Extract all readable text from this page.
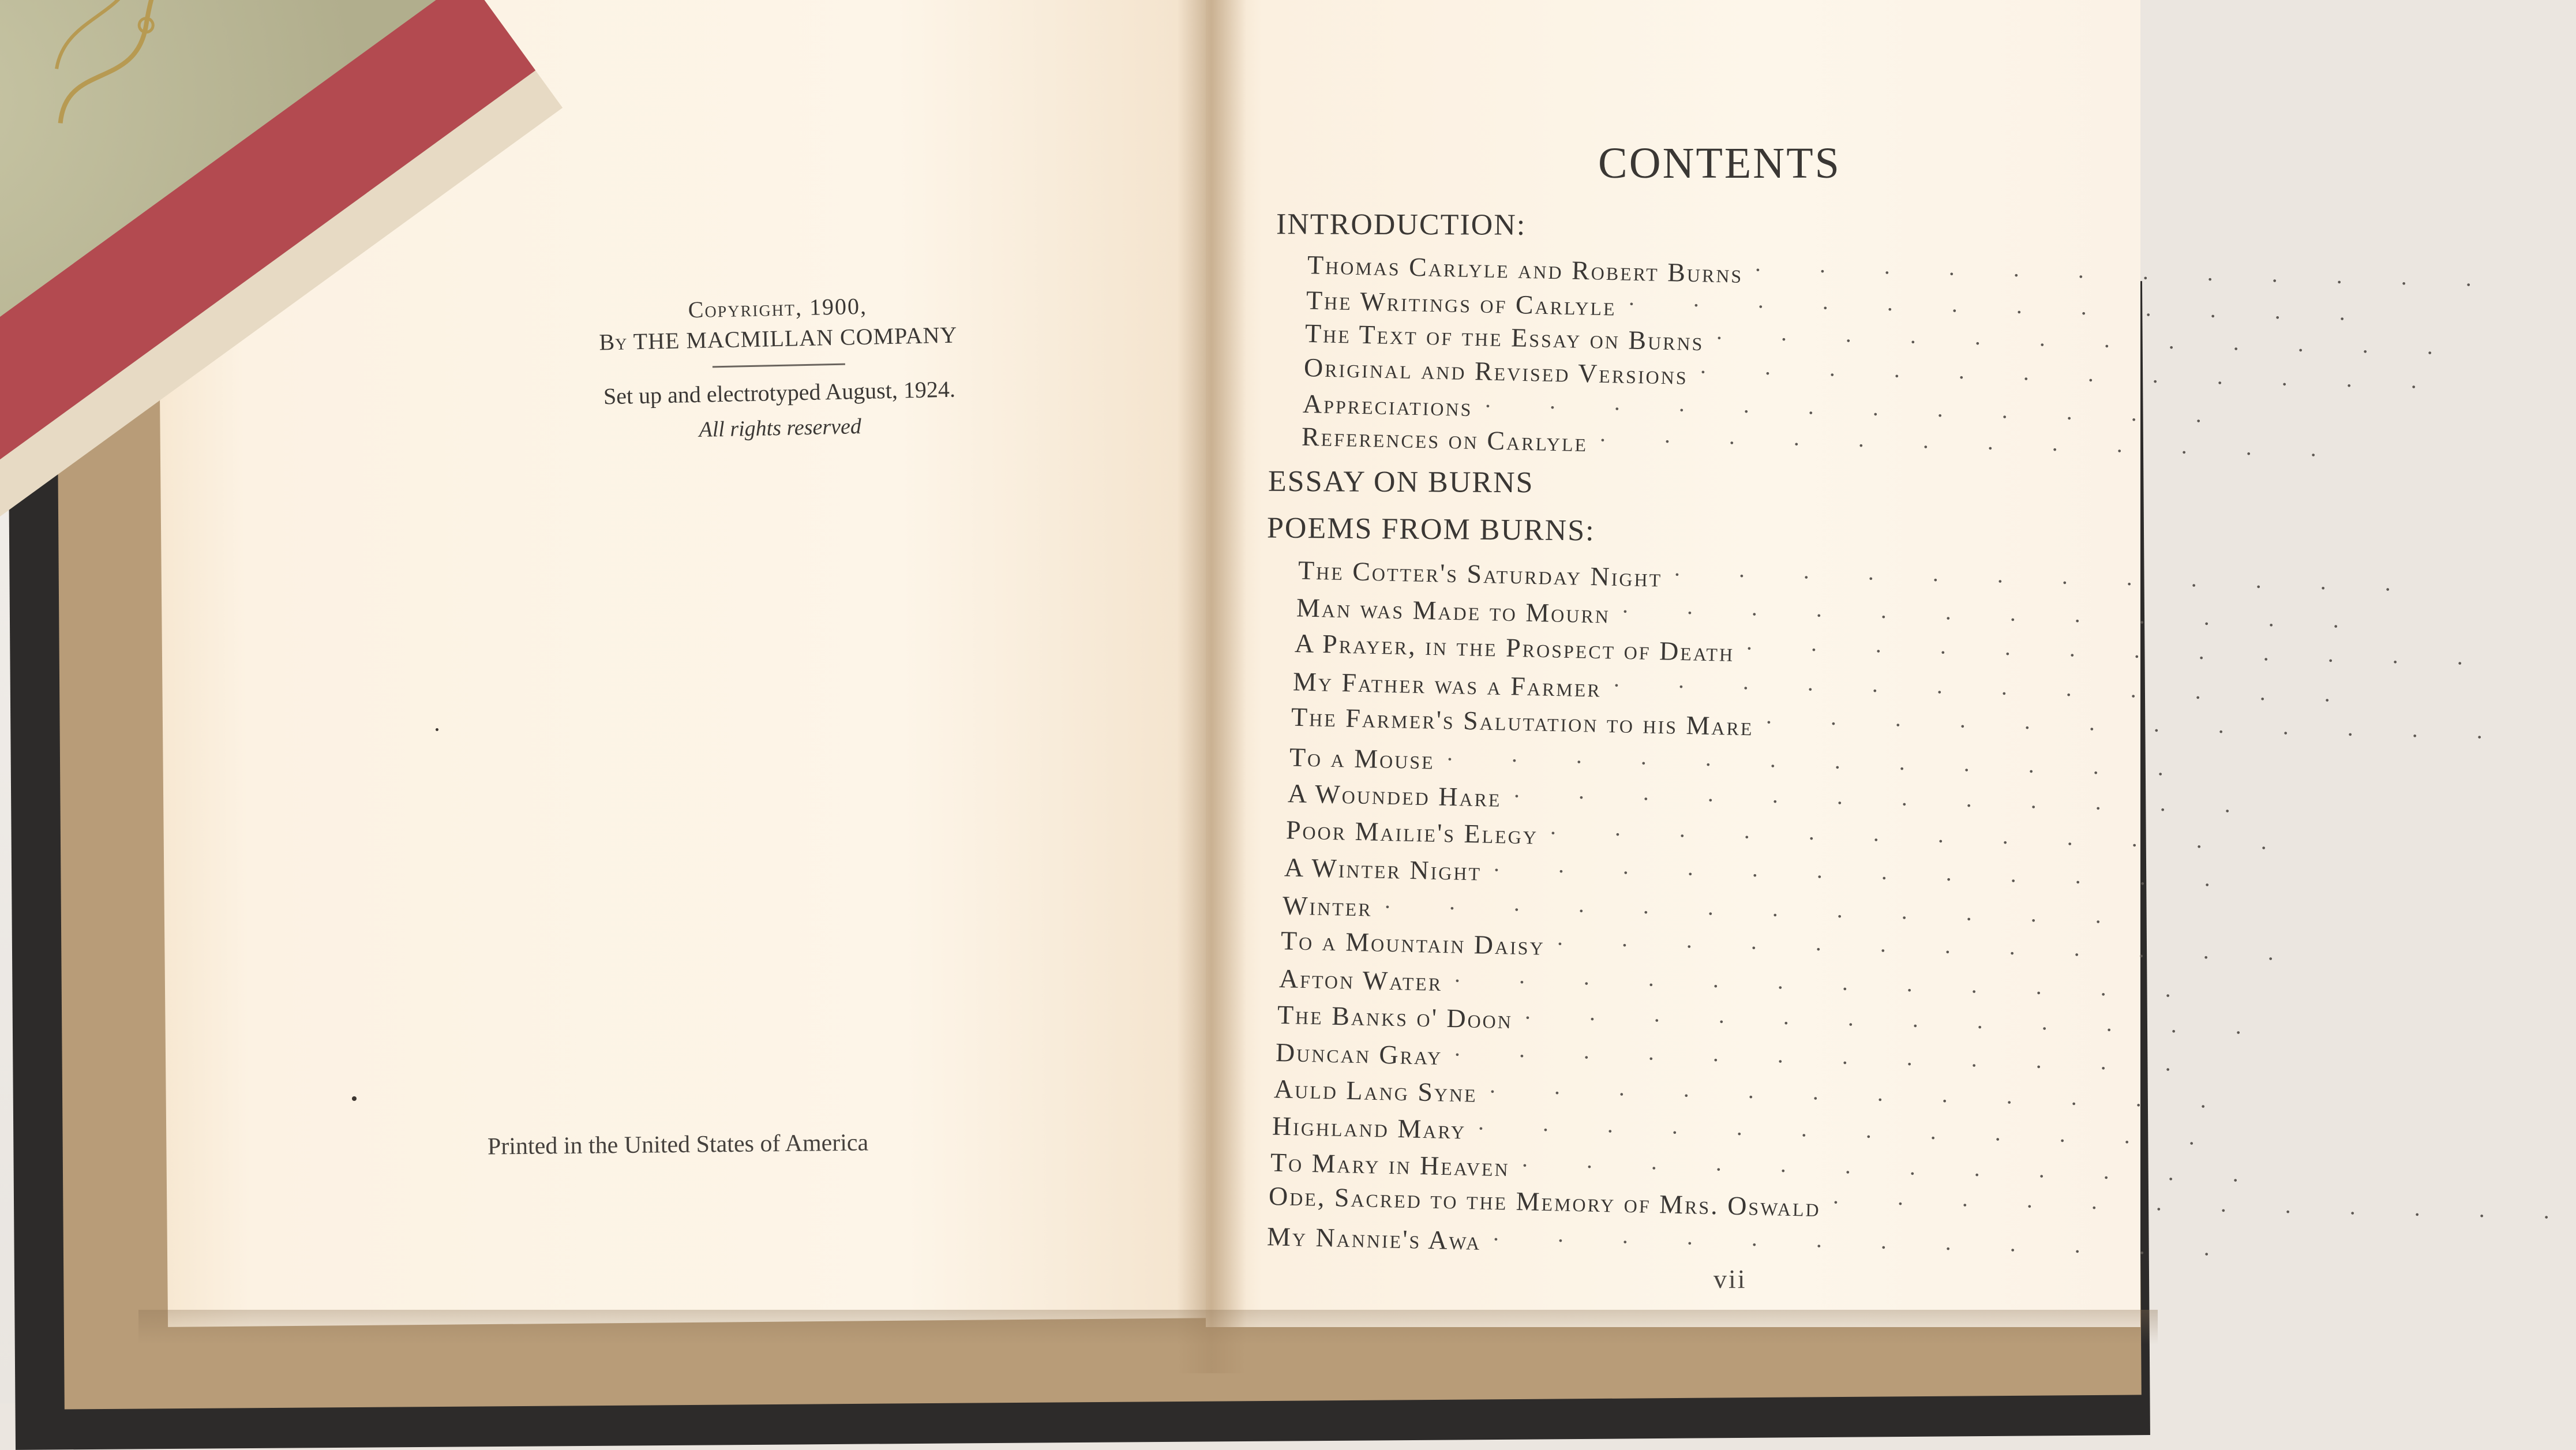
Copyright, 1900,
By THE MACMILLAN COMPANY
Set up and electrotyped August, 1924.
All rights reserved
Printed in the United States of America
CONTENTS
INTRODUCTION:
ESSAY ON BURNS
POEMS FROM BURNS:
Thomas Carlyle and Robert Burns . . . . . . . . . . . .
The Writings of Carlyle . . . . . . . . . . . .
The Text of the Essay on Burns . . . . . . . . . . . .
Original and Revised Versions . . . . . . . . . . . .
Appreciations . . . . . . . . . . . .
References on Carlyle . . . . . . . . . . . .
The Cotter's Saturday Night . . . . . . . . . . . .
Man was Made to Mourn . . . . . . . . . . . .
A Prayer, in the Prospect of Death . . . . . . . . . . . .
My Father was a Farmer . . . . . . . . . . . .
The Farmer's Salutation to his Mare . . . . . . . . . . . .
To a Mouse . . . . . . . . . . . .
A Wounded Hare . . . . . . . . . . . .
Poor Mailie's Elegy . . . . . . . . . . . .
A Winter Night . . . . . . . . . . . .
Winter . . . . . . . . . . . .
To a Mountain Daisy . . . . . . . . . . . .
Afton Water . . . . . . . . . . . .
The Banks o' Doon . . . . . . . . . . . .
Duncan Gray . . . . . . . . . . . .
Auld Lang Syne . . . . . . . . . . . .
Highland Mary . . . . . . . . . . . .
To Mary in Heaven . . . . . . . . . . . .
Ode, Sacred to the Memory of Mrs. Oswald . . . . . . . . . . . .
My Nannie's Awa . . . . . . . . . . . .
vii
